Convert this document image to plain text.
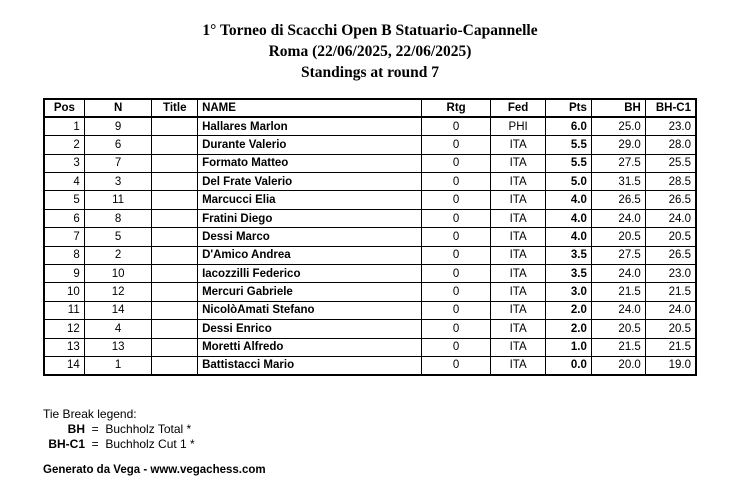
1° Torneo di Scacchi Open B Statuario-Capannelle
Roma (22/06/2025, 22/06/2025)
Standings at round 7
Pos	N	Title	NAME	Rtg	Fed	Pts	BH	BH-C1
1	9		Hallares Marlon	0	PHI	6.0	25.0	23.0
2	6		Durante Valerio	0	ITA	5.5	29.0	28.0
3	7		Formato Matteo	0	ITA	5.5	27.5	25.5
4	3		Del Frate Valerio	0	ITA	5.0	31.5	28.5
5	11		Marcucci Elia	0	ITA	4.0	26.5	26.5
6	8		Fratini Diego	0	ITA	4.0	24.0	24.0
7	5		Dessi Marco	0	ITA	4.0	20.5	20.5
8	2		D'Amico Andrea	0	ITA	3.5	27.5	26.5
9	10		Iacozzilli Federico	0	ITA	3.5	24.0	23.0
10	12		Mercuri Gabriele	0	ITA	3.0	21.5	21.5
11	14		NicolòAmati Stefano	0	ITA	2.0	24.0	24.0
12	4		Dessi Enrico	0	ITA	2.0	20.5	20.5
13	13		Moretti Alfredo	0	ITA	1.0	21.5	21.5
14	1		Battistacci Mario	0	ITA	0.0	20.0	19.0
Tie Break legend:
BH  =  Buchholz Total *
BH-C1  =  Buchholz Cut 1 *
Generato da Vega - www.vegachess.com
